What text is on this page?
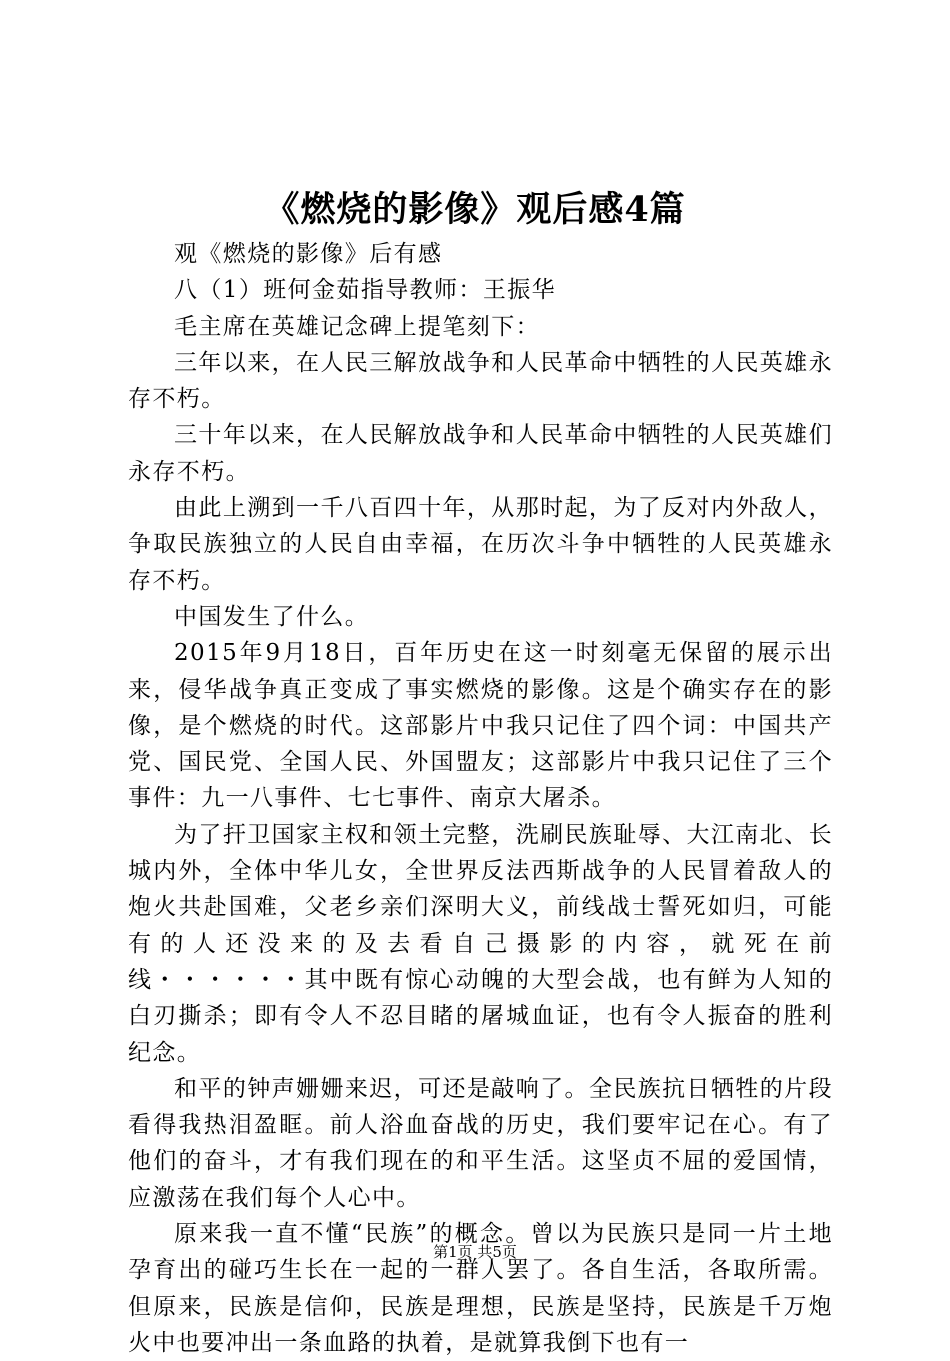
《燃烧的影像》观后感4篇

观《燃烧的影像》后有感

八（1）班何金茹指导教师：王振华

毛主席在英雄记念碑上提笔刻下：

三年以来，在人民三解放战争和人民革命中牺牲的人民英雄永存不朽。

三十年以来，在人民解放战争和人民革命中牺牲的人民英雄们永存不朽。

由此上溯到一千八百四十年，从那时起，为了反对内外敌人，争取民族独立的人民自由幸福，在历次斗争中牺牲的人民英雄永存不朽。

中国发生了什么。

2015年9月18日，百年历史在这一时刻毫无保留的展示出来，侵华战争真正变成了事实燃烧的影像。这是个确实存在的影像，是个燃烧的时代。这部影片中我只记住了四个词：中国共产党、国民党、全国人民、外国盟友；这部影片中我只记住了三个事件：九一八事件、七七事件、南京大屠杀。

为了扞卫国家主权和领土完整，洗刷民族耻辱、大江南北、长城内外，全体中华儿女，全世界反法西斯战争的人民冒着敌人的炮火共赴国难，父老乡亲们深明大义，前线战士誓死如归，可能有的人还没来的及去看自己摄影的内容，就死在前线・・・・・・其中既有惊心动魄的大型会战，也有鲜为人知的白刃撕杀；即有令人不忍目睹的屠城血证，也有令人振奋的胜利纪念。

和平的钟声姗姗来迟，可还是敲响了。全民族抗日牺牲的片段看得我热泪盈眶。前人浴血奋战的历史，我们要牢记在心。有了他们的奋斗，才有我们现在的和平生活。这坚贞不屈的爱国情，应激荡在我们每个人心中。

原来我一直不懂“民族”的概念。曾以为民族只是同一片土地孕育出的碰巧生长在一起的一群人罢了。各自生活，各取所需。但原来，民族是信仰，民族是理想，民族是坚持，民族是千万炮火中也要冲出一条血路的执着，是就算我倒下也有一

第1页 共5页
